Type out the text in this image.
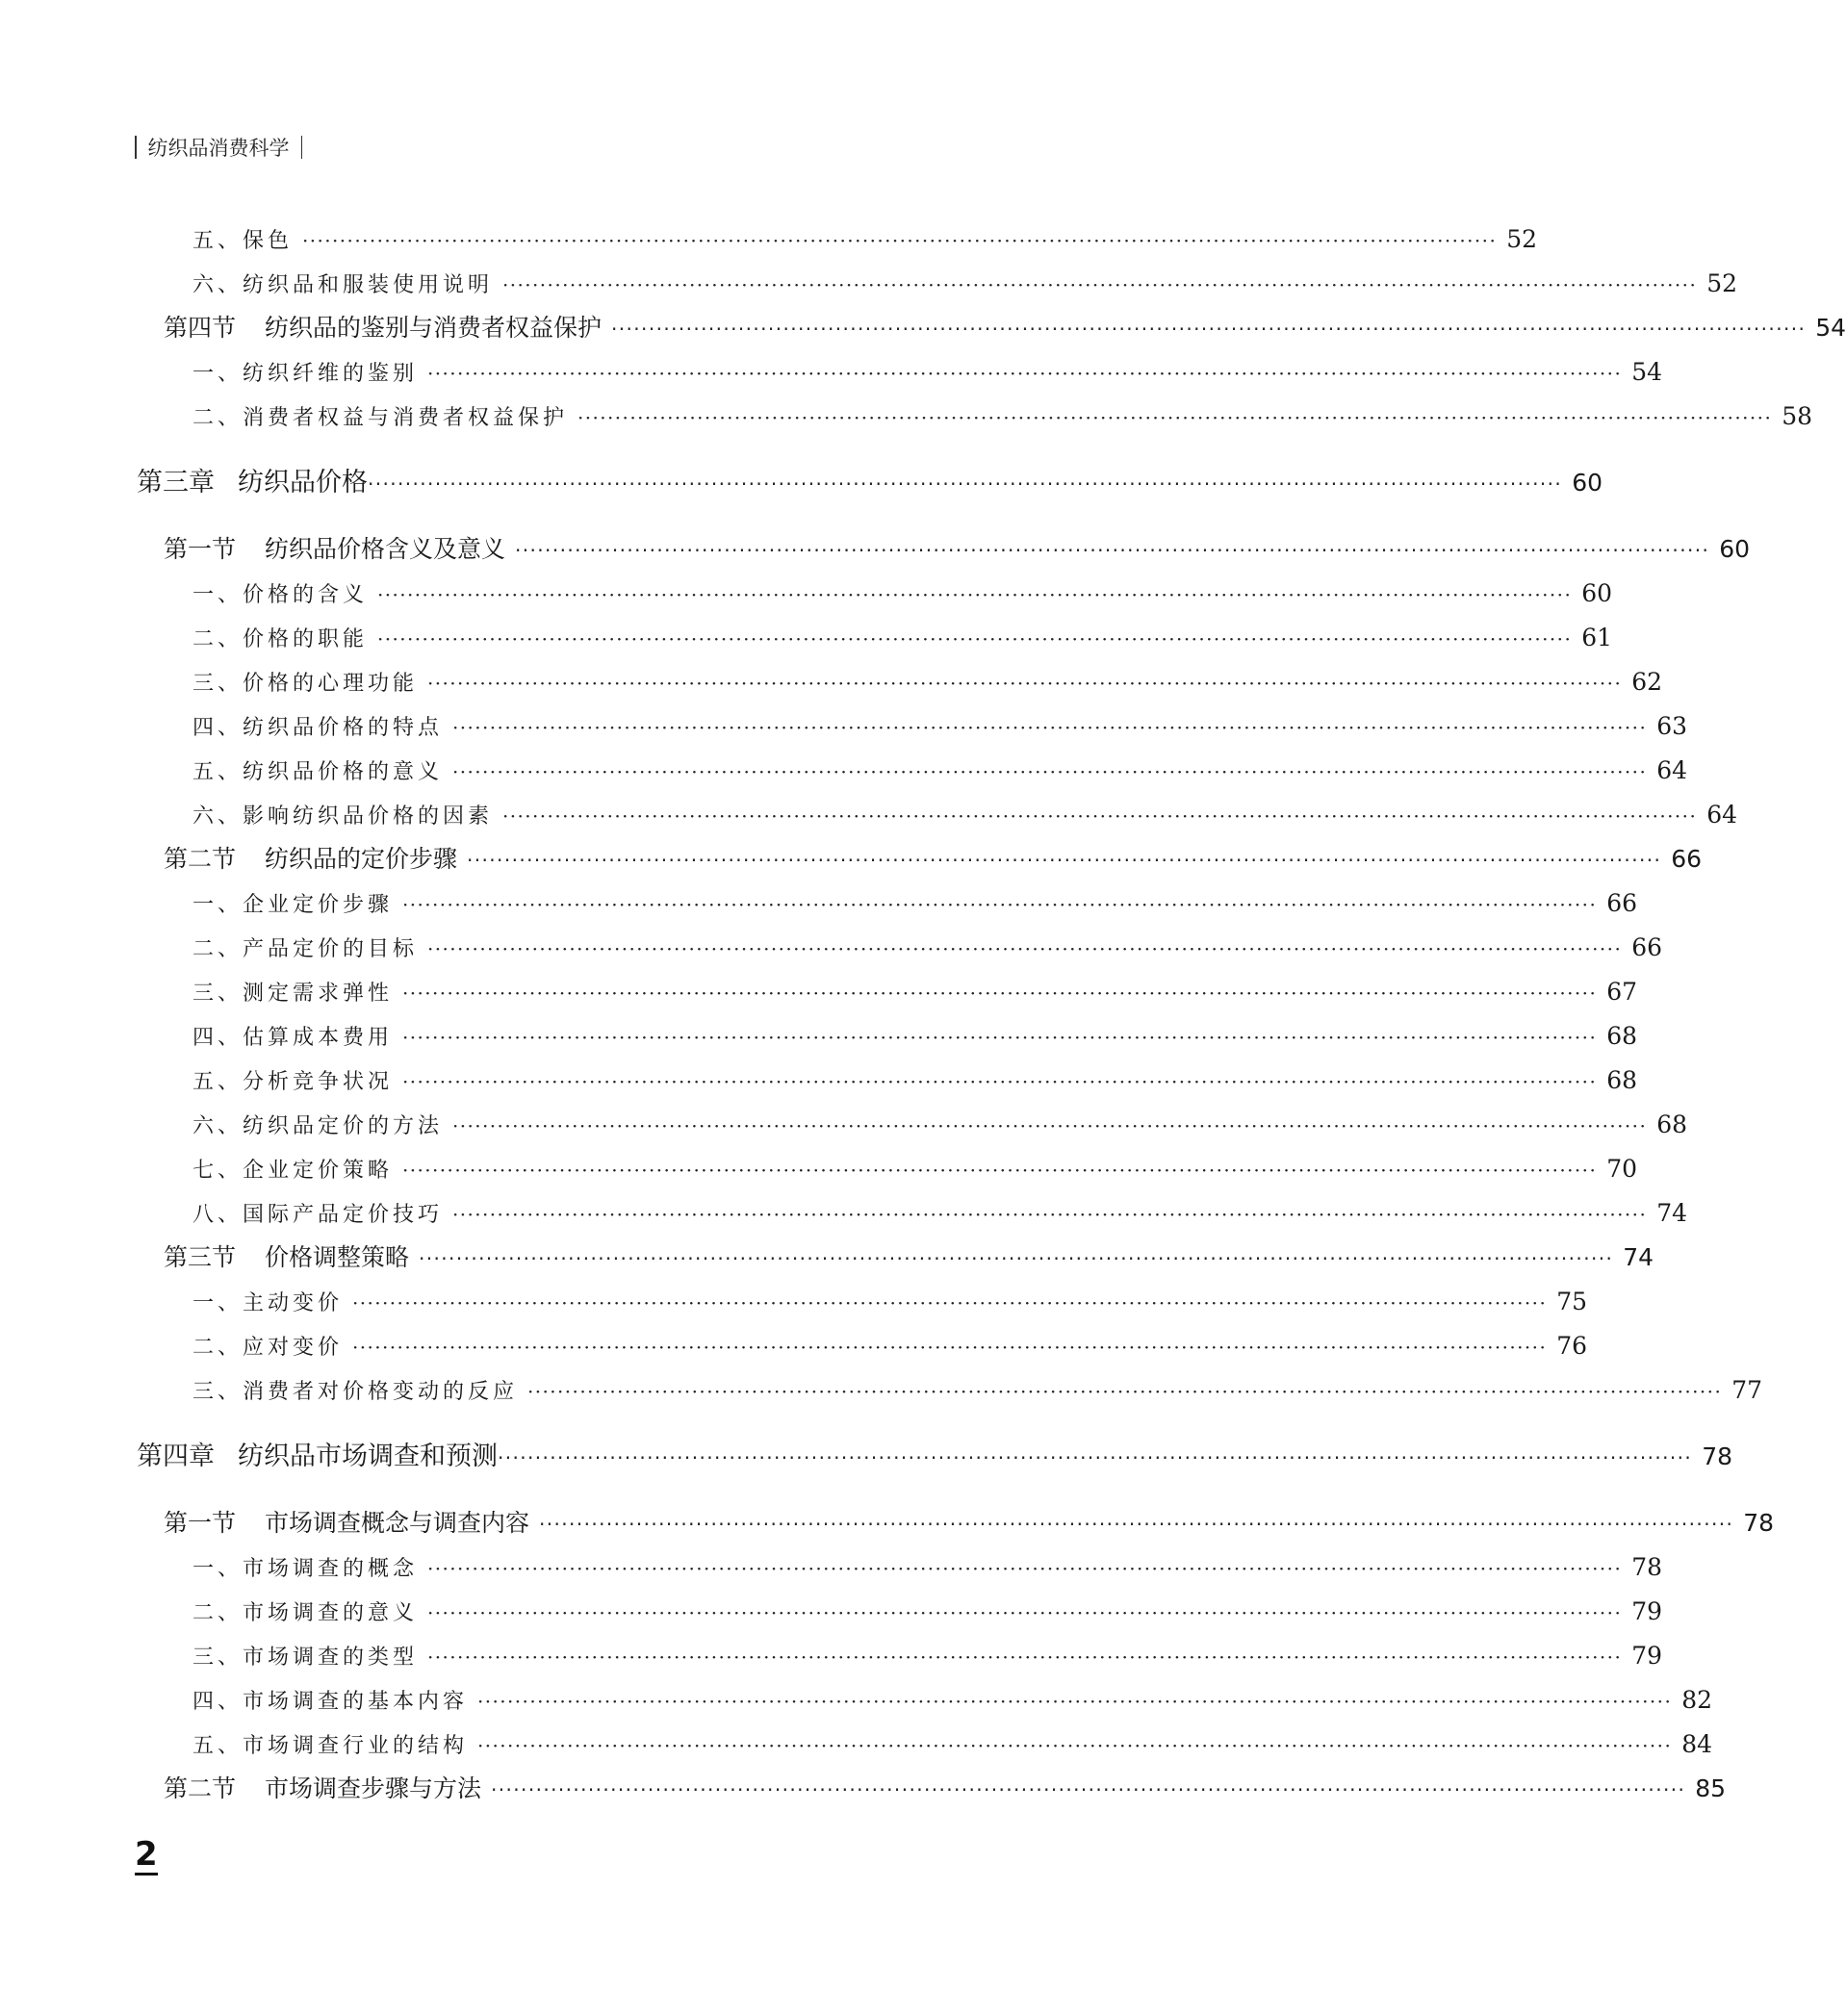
纺织品消费科学
五、保色 ································································································································································ 52
六、纺织品和服装使用说明 ································································································································································ 52
第四节 纺织品的鉴别与消费者权益保护 ································································································································································ 54
一、纺织纤维的鉴别 ································································································································································ 54
二、消费者权益与消费者权益保护 ································································································································································ 58
第三章 纺织品价格 ································································································································································ 60
第一节 纺织品价格含义及意义 ································································································································································ 60
一、价格的含义 ································································································································································ 60
二、价格的职能 ································································································································································ 61
三、价格的心理功能 ································································································································································ 62
四、纺织品价格的特点 ································································································································································ 63
五、纺织品价格的意义 ································································································································································ 64
六、影响纺织品价格的因素 ································································································································································ 64
第二节 纺织品的定价步骤 ································································································································································ 66
一、企业定价步骤 ································································································································································ 66
二、产品定价的目标 ································································································································································ 66
三、测定需求弹性 ································································································································································ 67
四、估算成本费用 ································································································································································ 68
五、分析竞争状况 ································································································································································ 68
六、纺织品定价的方法 ································································································································································ 68
七、企业定价策略 ································································································································································ 70
八、国际产品定价技巧 ································································································································································ 74
第三节 价格调整策略 ································································································································································ 74
一、主动变价 ································································································································································ 75
二、应对变价 ································································································································································ 76
三、消费者对价格变动的反应 ································································································································································ 77
第四章 纺织品市场调查和预测 ································································································································································ 78
第一节 市场调查概念与调查内容 ································································································································································ 78
一、市场调查的概念 ································································································································································ 78
二、市场调查的意义 ································································································································································ 79
三、市场调查的类型 ································································································································································ 79
四、市场调查的基本内容 ································································································································································ 82
五、市场调查行业的结构 ································································································································································ 84
第二节 市场调查步骤与方法 ································································································································································ 85
2
